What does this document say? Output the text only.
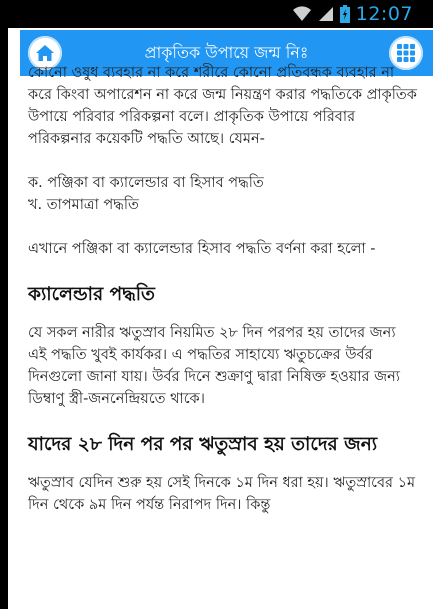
12:07
প্রাকৃতিক উপায়ে জন্ম নিঃ

কোনো ওষুধ ব্যবহার না করে শরীরে কোনো প্রতিবন্ধক ব্যবহার না করে কিংবা অপারেশন না করে জন্ম নিয়ন্ত্রণ করার পদ্ধতিকে প্রাকৃতিক উপায়ে পরিবার পরিকল্পনা বলে। প্রাকৃতিক উপায়ে পরিবার পরিকল্পনার কয়েকটি পদ্ধতি আছে। যেমন-

ক. পঞ্জিকা বা ক্যালেন্ডার বা হিসাব পদ্ধতি

খ. তাপমাত্রা পদ্ধতি

এখানে পঞ্জিকা বা ক্যালেন্ডার হিসাব পদ্ধতি বর্ণনা করা হলো -

ক্যালেন্ডার পদ্ধতি

যে সকল নারীর ঋতুস্রাব নিয়মিত ২৮ দিন পরপর হয় তাদের জন্য এই পদ্ধতি খুবই কার্যকর। এ পদ্ধতির সাহায্যে ঋতুচক্রের উর্বর দিনগুলো জানা যায়। উর্বর দিনে শুক্রাণু দ্বারা নিষিক্ত হওয়ার জন্য ডিম্বাণু স্ত্রী-জননেন্দ্রিয়তে থাকে।

যাদের ২৮ দিন পর পর ঋতুস্রাব হয় তাদের জন্য

ঋতুস্রাব যেদিন শুরু হয় সেই দিনকে ১ম দিন ধরা হয়। ঋতুস্রাবের ১ম দিন থেকে ৯ম দিন পর্যন্ত নিরাপদ দিন। কিন্তু
